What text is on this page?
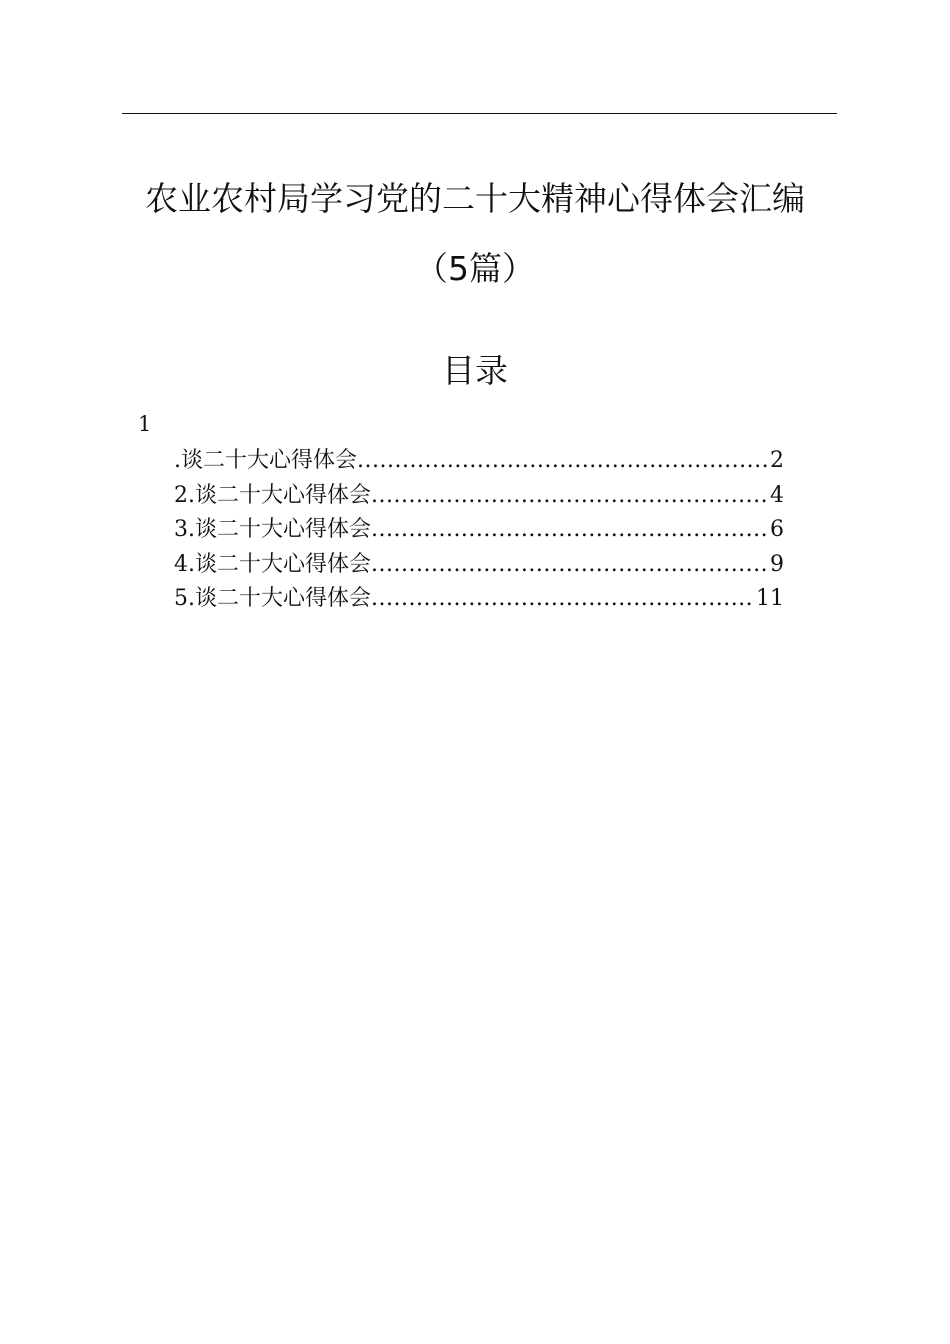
农业农村局学习党的二十大精神心得体会汇编
（5篇）
目录
1
. 谈二十大心得体会 .....	2
2. 谈二十大心得体会 .....	4
3. 谈二十大心得体会 .....	6
4. 谈二十大心得体会 .....	9
5. 谈二十大心得体会 .....	11
